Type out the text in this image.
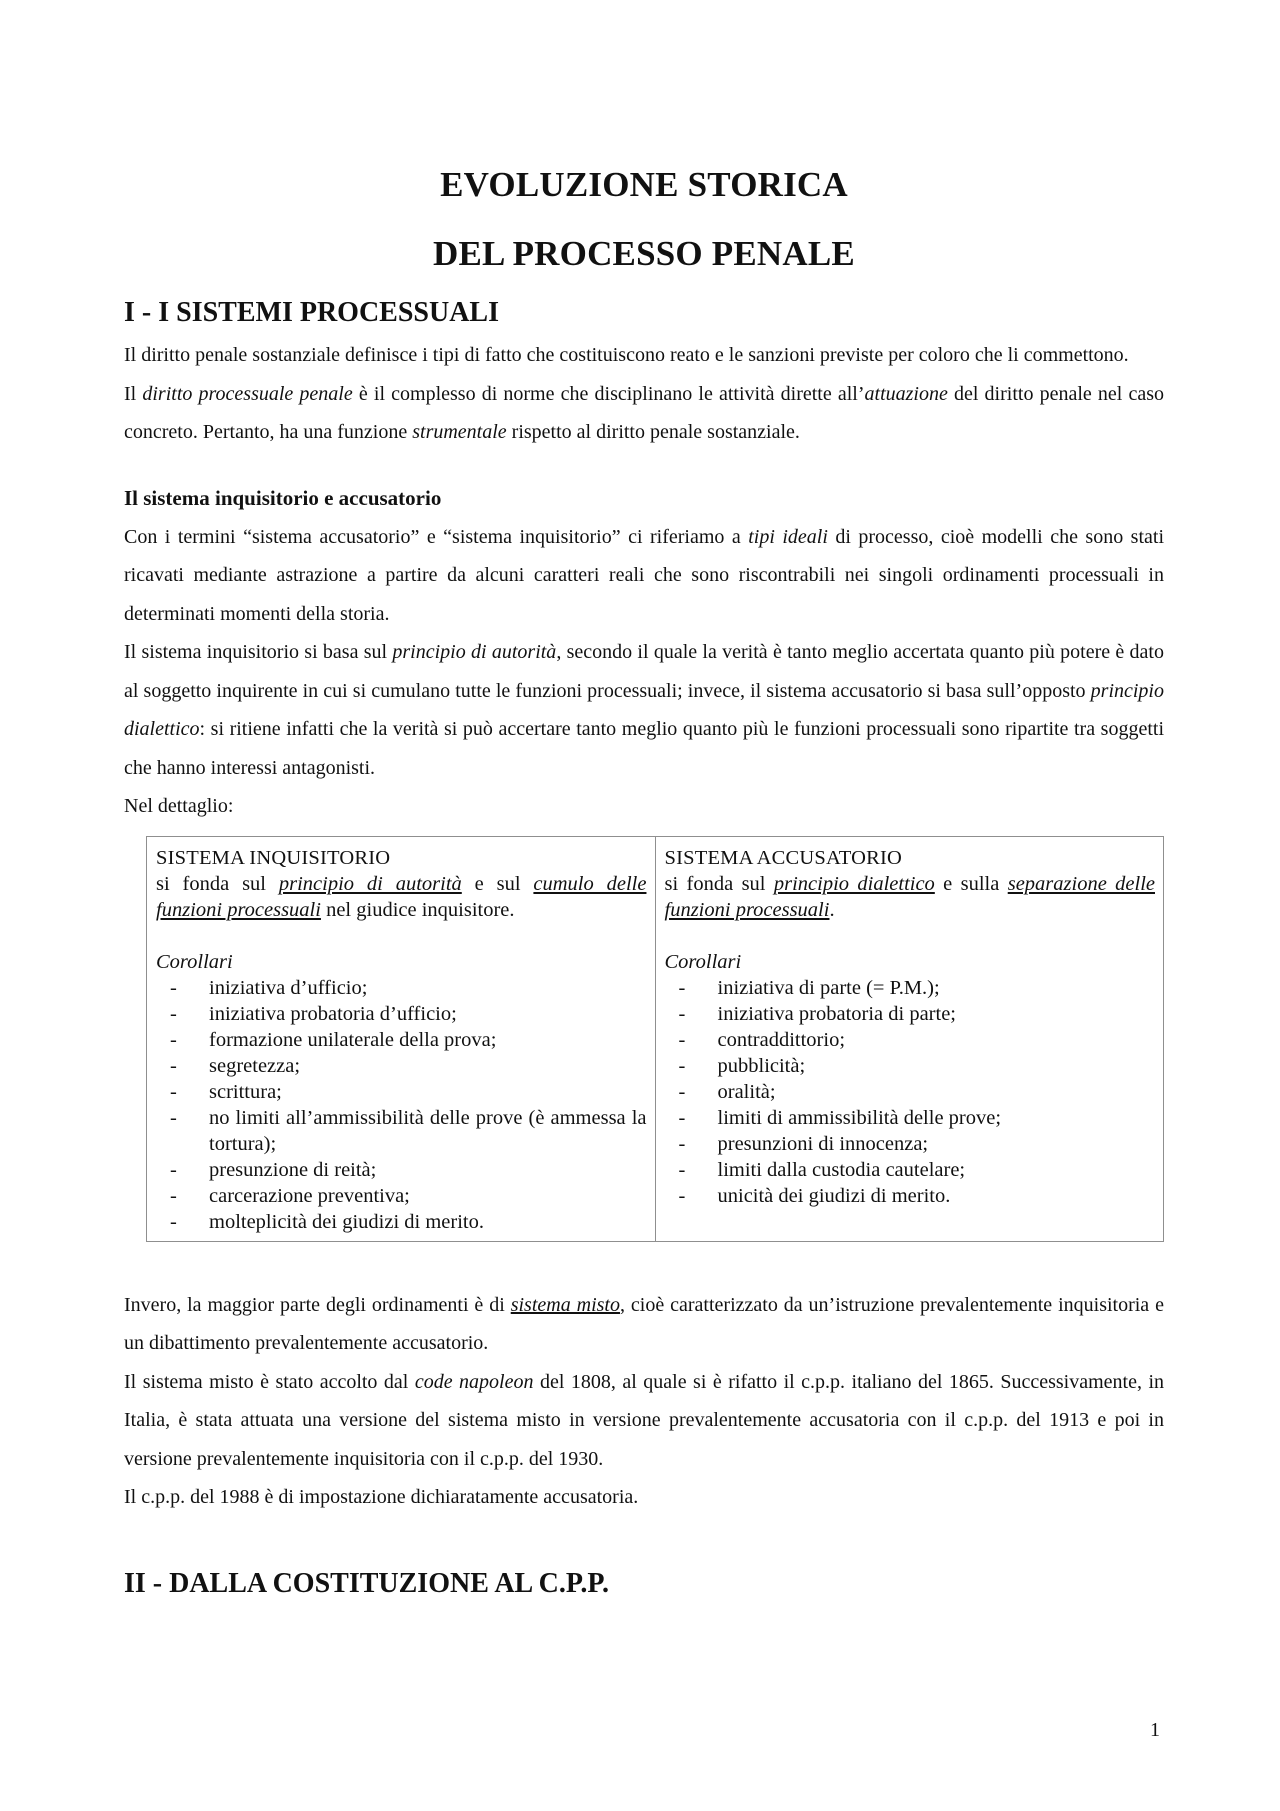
EVOLUZIONE STORICA
DEL PROCESSO PENALE
I - I SISTEMI PROCESSUALI

Il diritto penale sostanziale definisce i tipi di fatto che costituiscono reato e le sanzioni previste per coloro che li commettono.

Il diritto processuale penale è il complesso di norme che disciplinano le attività dirette all’attuazione del diritto penale nel caso concreto. Pertanto, ha una funzione strumentale rispetto al diritto penale sostanziale.

Il sistema inquisitorio e accusatorio

Con i termini “sistema accusatorio” e “sistema inquisitorio” ci riferiamo a tipi ideali di processo, cioè modelli che sono stati ricavati mediante astrazione a partire da alcuni caratteri reali che sono riscontrabili nei singoli ordinamenti processuali in determinati momenti della storia.

Il sistema inquisitorio si basa sul principio di autorità, secondo il quale la verità è tanto meglio accertata quanto più potere è dato al soggetto inquirente in cui si cumulano tutte le funzioni processuali; invece, il sistema accusatorio si basa sull’opposto principio dialettico: si ritiene infatti che la verità si può accertare tanto meglio quanto più le funzioni processuali sono ripartite tra soggetti che hanno interessi antagonisti.

Nel dettaglio:

SISTEMA INQUISITORIO
si fonda sul principio di autorità e sul cumulo delle funzioni processuali nel giudice inquisitore.
Corollari
- iniziativa d’ufficio;
- iniziativa probatoria d’ufficio;
- formazione unilaterale della prova;
- segretezza;
- scrittura;
- no limiti all’ammissibilità delle prove (è ammessa la tortura);
- presunzione di reità;
- carcerazione preventiva;
- molteplicità dei giudizi di merito.

SISTEMA ACCUSATORIO
si fonda sul principio dialettico e sulla separazione delle funzioni processuali.
Corollari
- iniziativa di parte (= P.M.);
- iniziativa probatoria di parte;
- contraddittorio;
- pubblicità;
- oralità;
- limiti di ammissibilità delle prove;
- presunzioni di innocenza;
- limiti dalla custodia cautelare;
- unicità dei giudizi di merito.

Invero, la maggior parte degli ordinamenti è di sistema misto, cioè caratterizzato da un’istruzione prevalentemente inquisitoria e un dibattimento prevalentemente accusatorio.

Il sistema misto è stato accolto dal code napoleon del 1808, al quale si è rifatto il c.p.p. italiano del 1865. Successivamente, in Italia, è stata attuata una versione del sistema misto in versione prevalentemente accusatoria con il c.p.p. del 1913 e poi in versione prevalentemente inquisitoria con il c.p.p. del 1930.

Il c.p.p. del 1988 è di impostazione dichiaratamente accusatoria.

II - DALLA COSTITUZIONE AL C.P.P.
1
